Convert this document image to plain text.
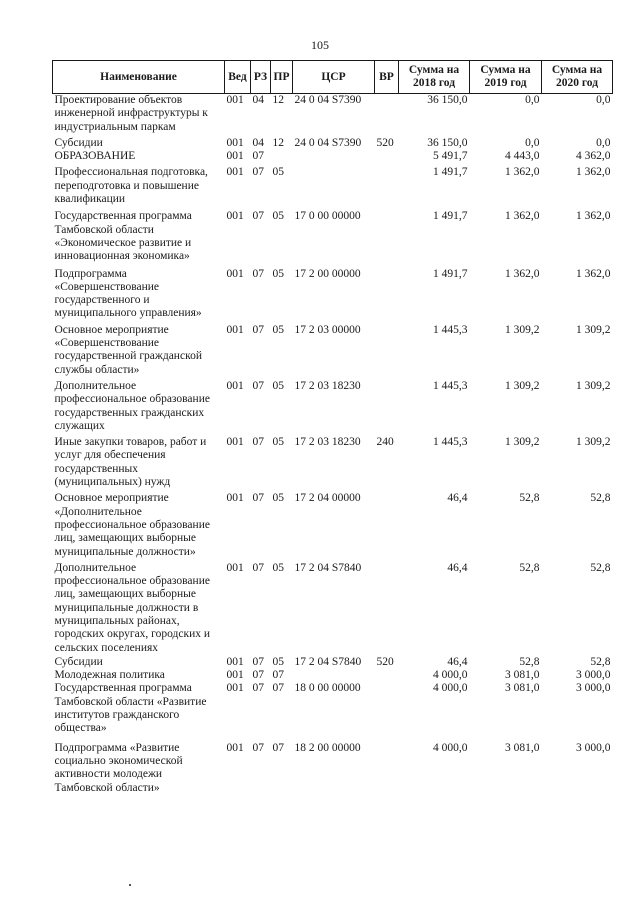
105
Наименование	Вед	РЗ	ПР	ЦСР	ВР	Сумма на 2018 год	Сумма на 2019 год	Сумма на 2020 год
Проектирование объектов инженерной инфраструктуры к индустриальным паркам	001	04	12	24 0 04 S7390		36 150,0	0,0	0,0

Субсидии	001	04	12	24 0 04 S7390	520	36 150,0	0,0	0,0
ОБРАЗОВАНИЕ	001	07				5 491,7	4 443,0	4 362,0

Профессиональная подготовка, переподготовка и повышение квалификации	001	07	05			1 491,7	1 362,0	1 362,0

Государственная программа Тамбовской области «Экономическое развитие и инновационная экономика»	001	07	05	17 0 00 00000		1 491,7	1 362,0	1 362,0

Подпрограмма «Совершенствование государственного и муниципального управления»	001	07	05	17 2 00 00000		1 491,7	1 362,0	1 362,0

Основное мероприятие «Совершенствование государственной гражданской службы области»	001	07	05	17 2 03 00000		1 445,3	1 309,2	1 309,2

Дополнительное профессиональное образование государственных гражданских служащих	001	07	05	17 2 03 18230		1 445,3	1 309,2	1 309,2

Иные закупки товаров, работ и услуг для обеспечения государственных (муниципальных) нужд	001	07	05	17 2 03 18230	240	1 445,3	1 309,2	1 309,2

Основное мероприятие «Дополнительное профессиональное образование лиц, замещающих выборные муниципальные должности»	001	07	05	17 2 04 00000		46,4	52,8	52,8

Дополнительное профессиональное образование лиц, замещающих выборные муниципальные должности в муниципальных районах, городских округах, городских и сельских поселениях	001	07	05	17 2 04 S7840		46,4	52,8	52,8

Субсидии	001	07	05	17 2 04 S7840	520	46,4	52,8	52,8
Молодежная политика	001	07	07			4 000,0	3 081,0	3 000,0
Государственная программа Тамбовской области «Развитие институтов гражданского общества»	001	07	07	18 0 00 00000		4 000,0	3 081,0	3 000,0

Подпрограмма «Развитие социально экономической активности молодежи Тамбовской области»	001	07	07	18 2 00 00000		4 000,0	3 081,0	3 000,0
